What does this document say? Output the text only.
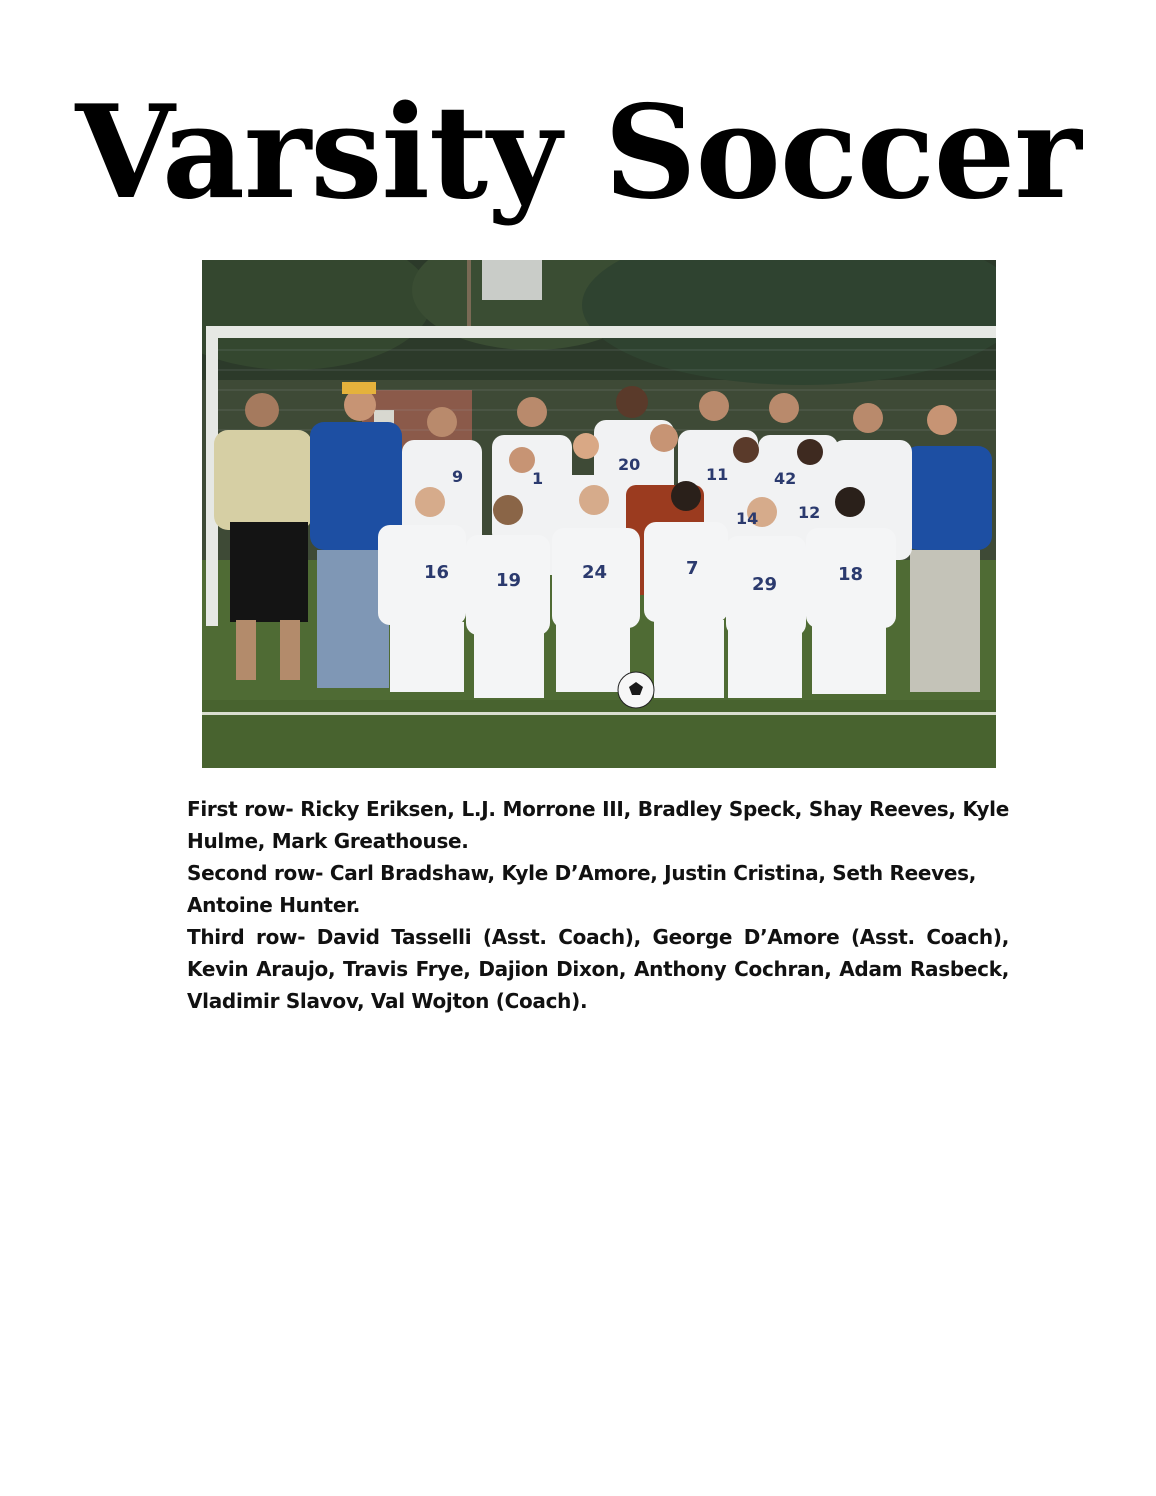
Varsity Soccer
9	1
20
11	42
14 12
16	19	24	7
29	18

First row- Ricky Eriksen, L.J. Morrone III, Bradley Speck, Shay Reeves, Kyle Hulme, Mark Greathouse.

Second row- Carl Bradshaw, Kyle D’Amore, Justin Cristina, Seth Reeves, Antoine Hunter.

Third row- David Tasselli (Asst. Coach), George D’Amore (Asst. Coach), Kevin Araujo, Travis Frye, Dajion Dixon, Anthony Cochran, Adam Rasbeck, Vladimir Slavov, Val Wojton (Coach).
